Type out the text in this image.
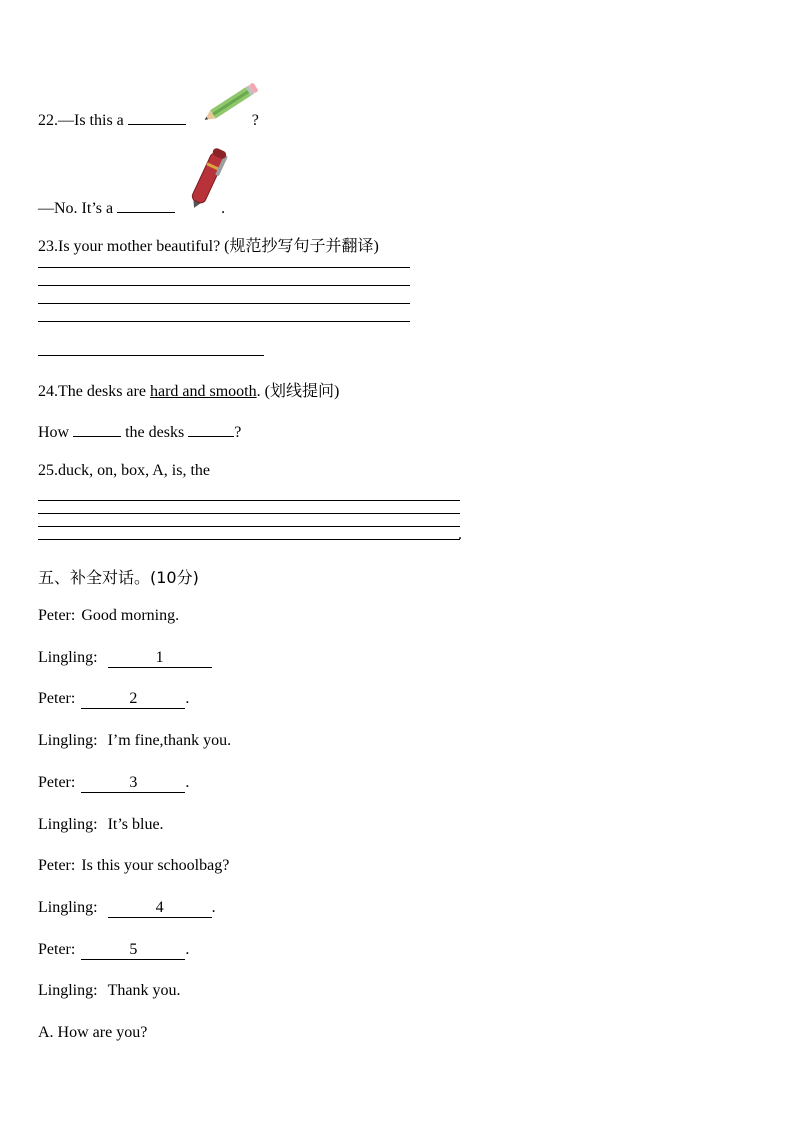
22.—Is this a	?
—No. It’s a	.
23.Is your mother beautiful? (规范抄写句子并翻译)
24.The desks are hard and smooth. (划线提问)
How	the desks	?
25.duck, on, box, A, is, the
.
五、补全对话。(10分)
Peter: Good morning.
Lingling:	1
Peter:	2	.
Lingling: I’m fine,thank you.
Peter:	3	.
Lingling: It’s blue.
Peter: Is this your schoolbag?
Lingling:	4	.
Peter:	5	.
Lingling: Thank you.
A. How are you?
